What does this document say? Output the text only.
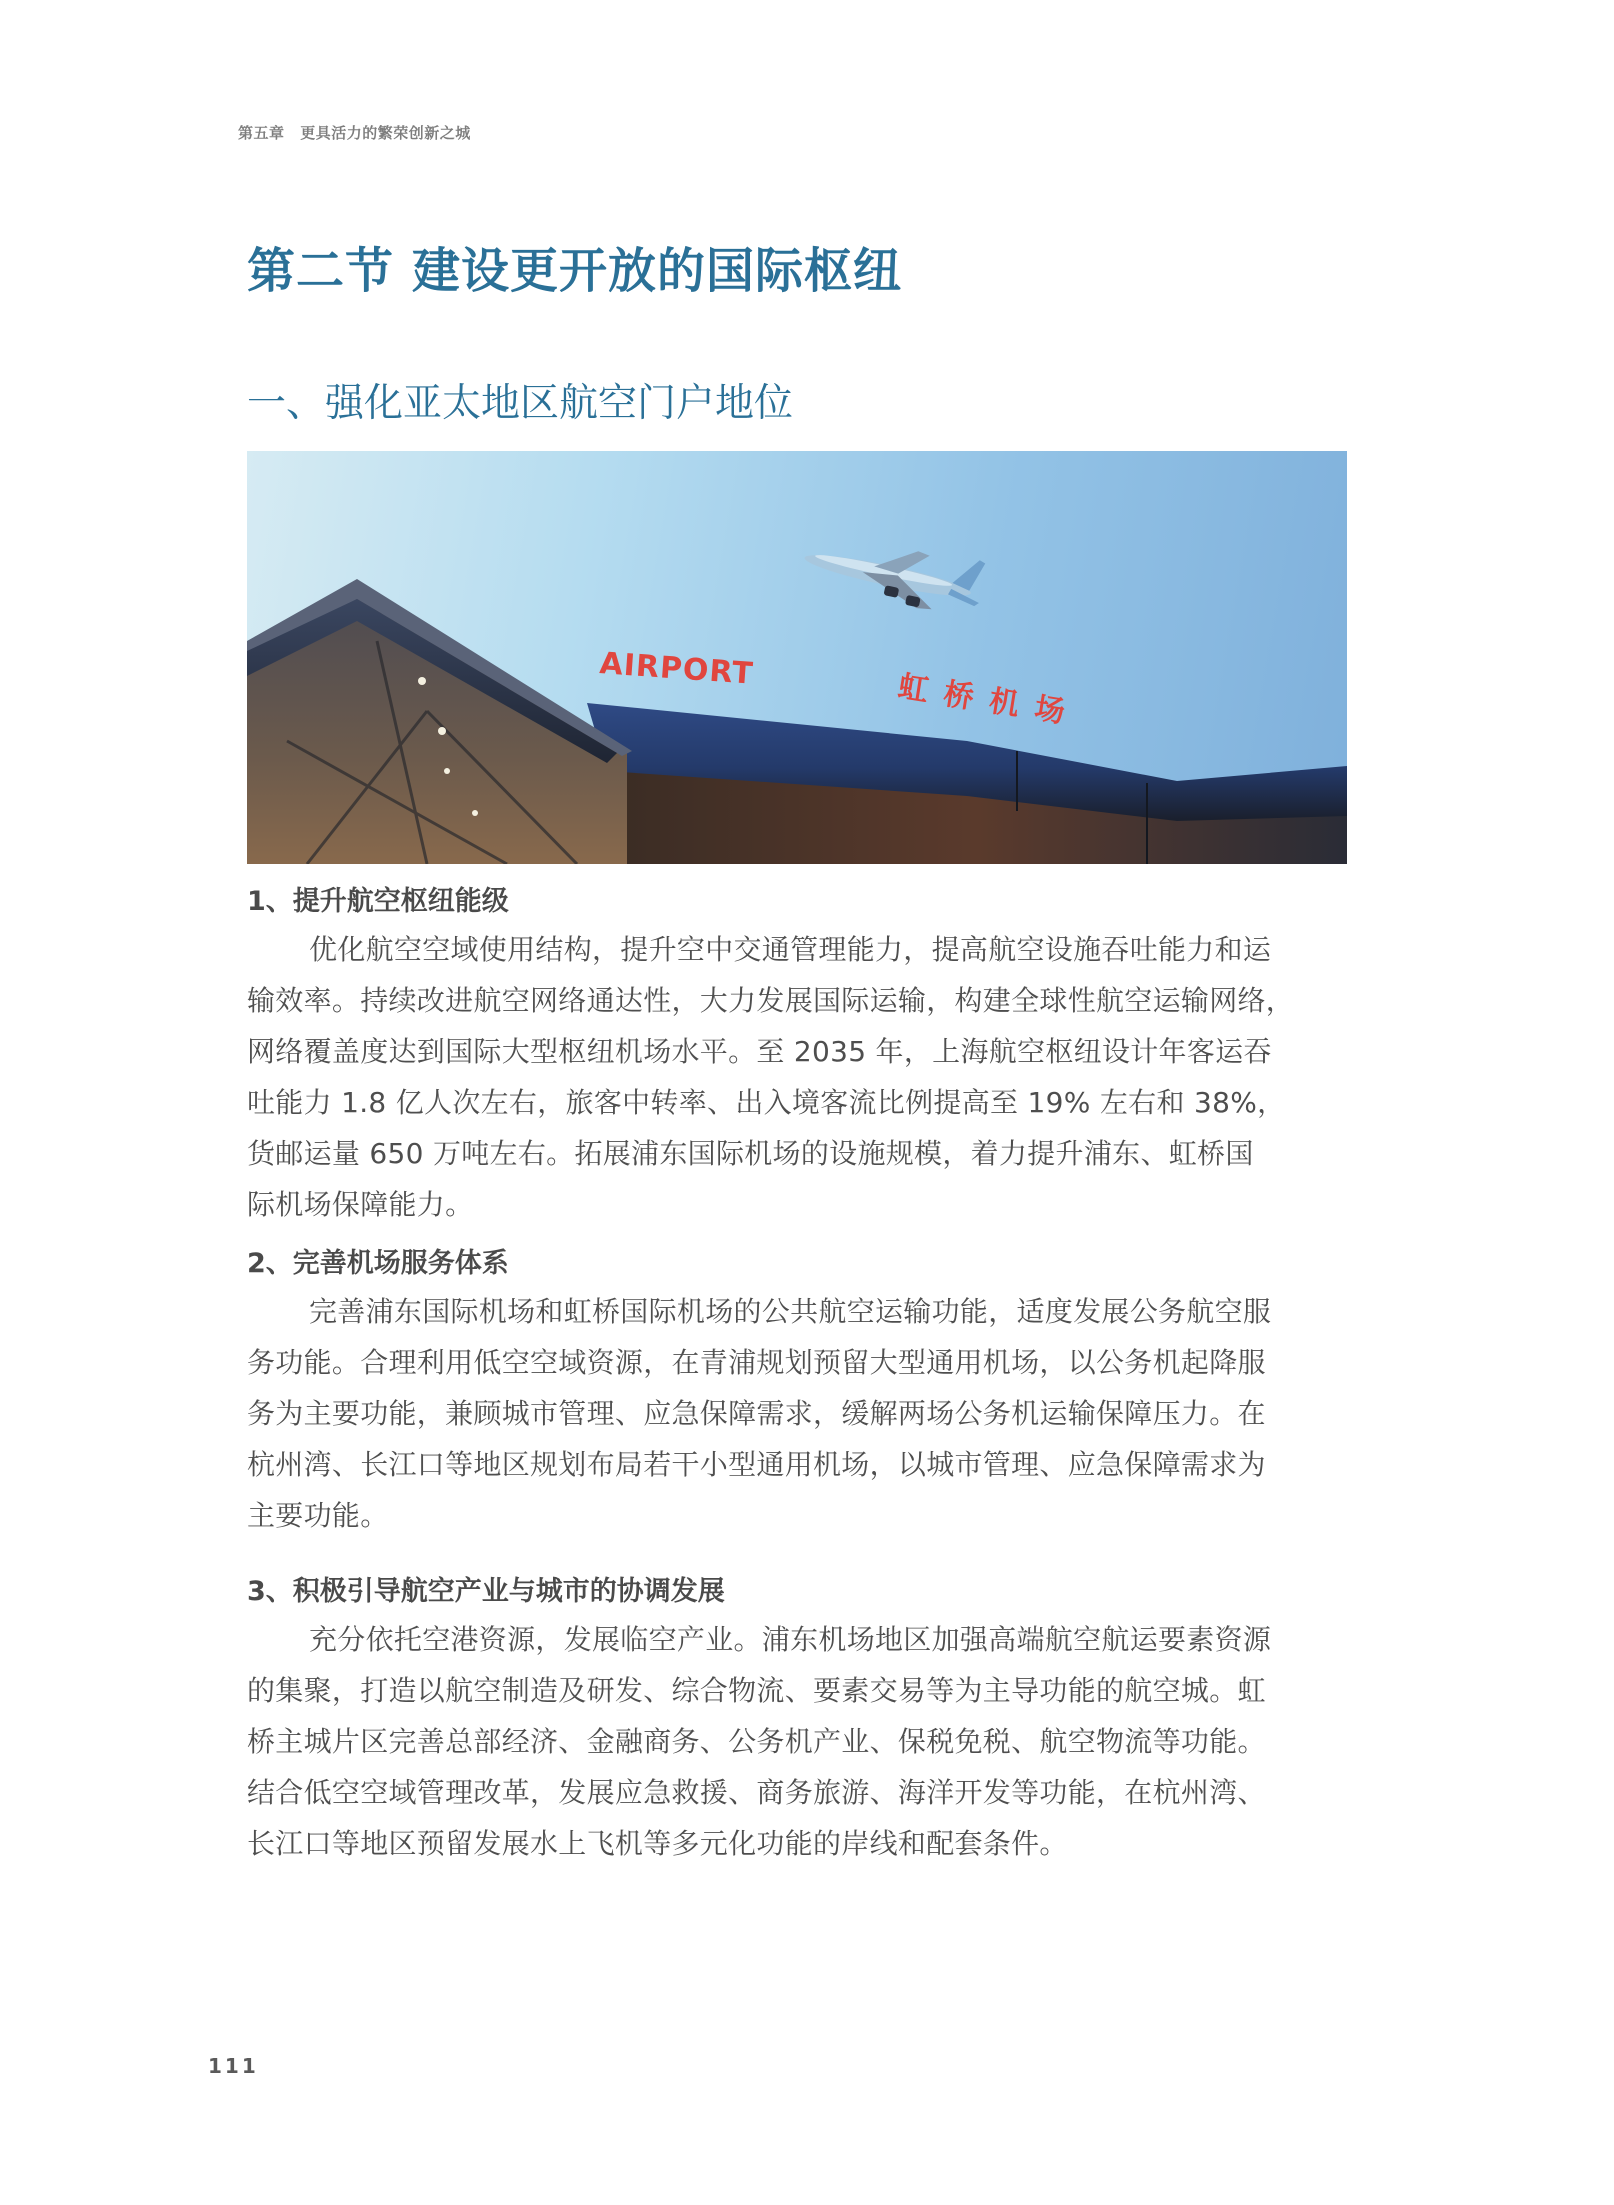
第五章 更具活力的繁荣创新之城
第二节 建设更开放的国际枢纽
一、强化亚太地区航空门户地位
AIRPORT
虹桥机场

1、提升航空枢纽能级

优化航空空域使用结构，提升空中交通管理能力，提高航空设施吞吐能力和运
输效率。持续改进航空网络通达性，大力发展国际运输，构建全球性航空运输网络，
网络覆盖度达到国际大型枢纽机场水平。至 2035 年，上海航空枢纽设计年客运吞
吐能力 1.8 亿人次左右，旅客中转率、出入境客流比例提高至 19% 左右和 38%，
货邮运量 650 万吨左右。拓展浦东国际机场的设施规模，着力提升浦东、虹桥国
际机场保障能力。

2、完善机场服务体系

完善浦东国际机场和虹桥国际机场的公共航空运输功能，适度发展公务航空服
务功能。合理利用低空空域资源，在青浦规划预留大型通用机场，以公务机起降服
务为主要功能，兼顾城市管理、应急保障需求，缓解两场公务机运输保障压力。在
杭州湾、长江口等地区规划布局若干小型通用机场，以城市管理、应急保障需求为
主要功能。

3、积极引导航空产业与城市的协调发展

充分依托空港资源，发展临空产业。浦东机场地区加强高端航空航运要素资源
的集聚，打造以航空制造及研发、综合物流、要素交易等为主导功能的航空城。虹
桥主城片区完善总部经济、金融商务、公务机产业、保税免税、航空物流等功能。
结合低空空域管理改革，发展应急救援、商务旅游、海洋开发等功能，在杭州湾、
长江口等地区预留发展水上飞机等多元化功能的岸线和配套条件。

111
